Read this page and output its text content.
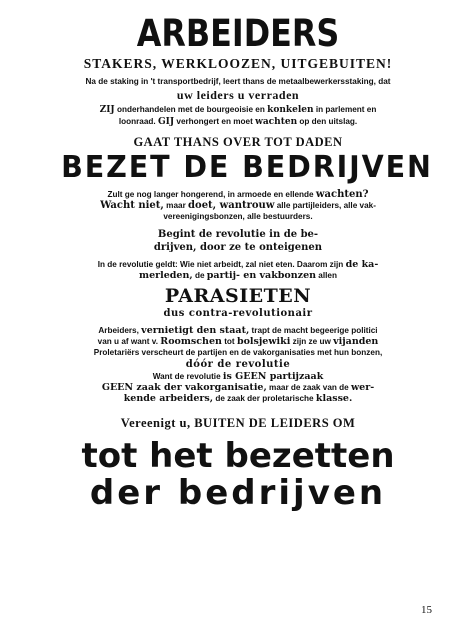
ARBEIDERS
STAKERS, WERKLOOZEN, UITGEBUITEN!
Na de staking in 't transportbedrijf, leert thans de metaalbewerkersstaking, dat
uw leiders u verraden
ZIJ onderhandelen met de bourgeoisie en konkelen in parlement en
loonraad. GIJ verhongert en moet wachten op den uitslag.
GAAT THANS OVER TOT DADEN
BEZET DE BEDRIJVEN
Zult ge nog langer hongerend, in armoede en ellende wachten?
Wacht niet, maar doet, wantrouw alle partijleiders, alle vak-
vereenigingsbonzen, alle bestuurders.
Begint de revolutie in de be-
drijven, door ze te onteigenen
In de revolutie geldt: Wie niet arbeidt, zal niet eten. Daarom zijn de ka-
merleden, de partij- en vakbonzen allen
PARASIETEN
dus contra-revolutionair
Arbeiders, vernietigt den staat, trapt de macht begeerige politici
van u af want v. Roomschen tot bolsjewiki zijn ze uw vijanden
Proletariërs verscheurt de partijen en de vakorganisaties met hun bonzen,
dóór de revolutie
Want de revolutie is GEEN partijzaak
GEEN zaak der vakorganisatie, maar de zaak van de wer-
kende arbeiders, de zaak der proletarische klasse.
Vereenigt u, BUITEN DE LEIDERS OM
tot het bezetten
der bedrijven
15
